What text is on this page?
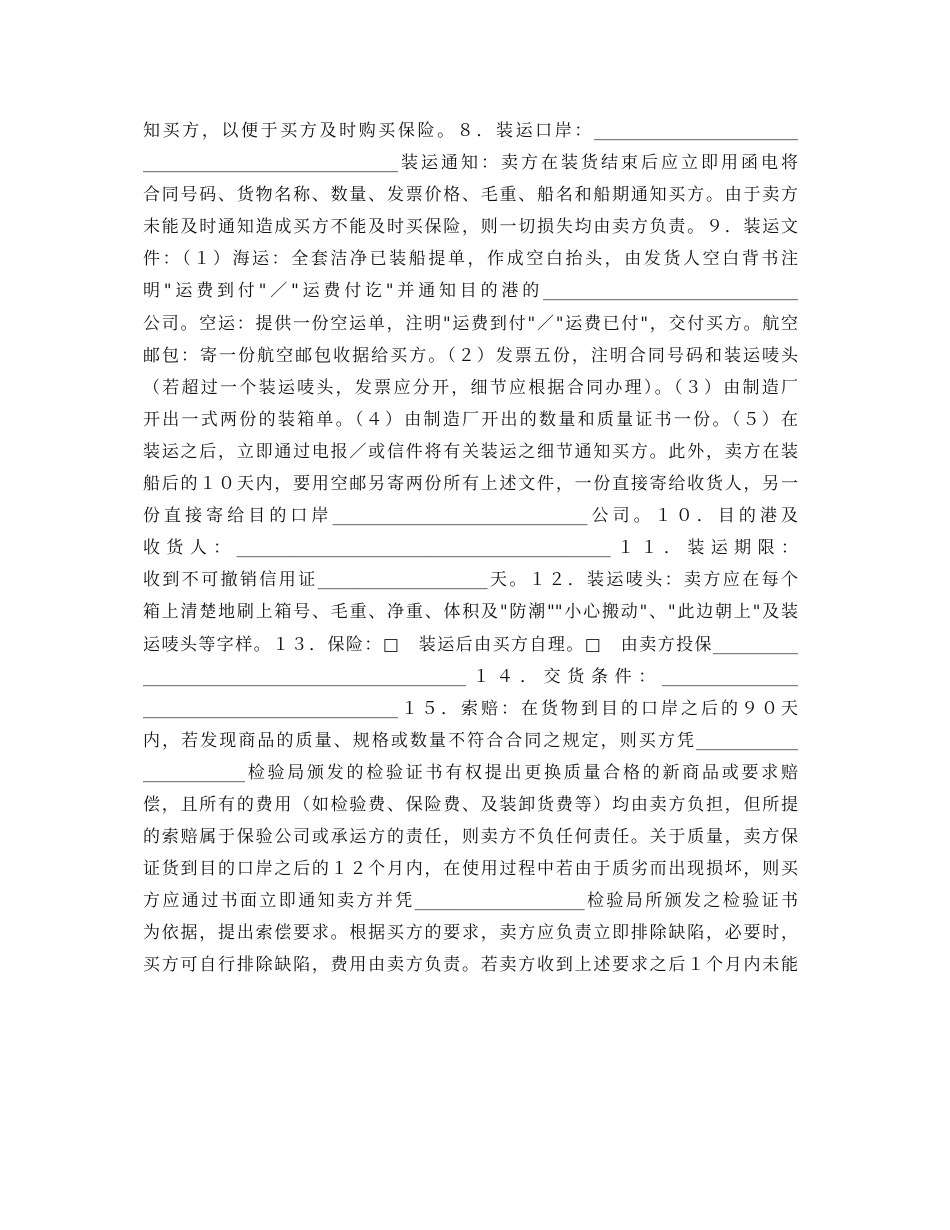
知买方，以便于买方及时购买保险。８．装运口岸：________________________
______________________________装运通知：卖方在装货结束后应立即用函电将
合同号码、货物名称、数量、发票价格、毛重、船名和船期通知买方。由于卖方
未能及时通知造成买方不能及时买保险，则一切损失均由卖方负责。９．装运文
件：（１）海运：全套洁净已装船提单，作成空白抬头，由发货人空白背书注
明"运费到付"／"运费付讫"并通知目的港的______________________________
公司。空运：提供一份空运单，注明"运费到付"／"运费已付"，交付买方。航空
邮包：寄一份航空邮包收据给买方。（２）发票五份，注明合同号码和装运唛头
（若超过一个装运唛头，发票应分开，细节应根据合同办理）。（３）由制造厂
开出一式两份的装箱单。（４）由制造厂开出的数量和质量证书一份。（５）在
装运之后，立即通过电报／或信件将有关装运之细节通知买方。此外，卖方在装
船后的１０天内，要用空邮另寄两份所有上述文件，一份直接寄给收货人，另一
份直接寄给目的口岸______________________________公司。１０．目的港及
收货人：____________________________________________１１．装运期限：
收到不可撤销信用证____________________天。１２．装运唛头：卖方应在每个
箱上清楚地刷上箱号、毛重、净重、体积及"防潮""小心搬动"、"此边朝上"及装
运唛头等字样。１３．保险：□　装运后由买方自理。□　由卖方投保__________
______________________________________１４．交货条件：________________
______________________________１５．索赔：在货物到目的口岸之后的９０天
内，若发现商品的质量、规格或数量不符合合同之规定，则买方凭____________
____________检验局颁发的检验证书有权提出更换质量合格的新商品或要求赔
偿，且所有的费用（如检验费、保险费、及装卸货费等）均由卖方负担，但所提
的索赔属于保验公司或承运方的责任，则卖方不负任何责任。关于质量，卖方保
证货到目的口岸之后的１２个月内，在使用过程中若由于质劣而出现损坏，则买
方应通过书面立即通知卖方并凭____________________检验局所颁发之检验证书
为依据，提出索偿要求。根据买方的要求，卖方应负责立即排除缺陷，必要时，
买方可自行排除缺陷，费用由卖方负责。若卖方收到上述要求之后１个月内未能
